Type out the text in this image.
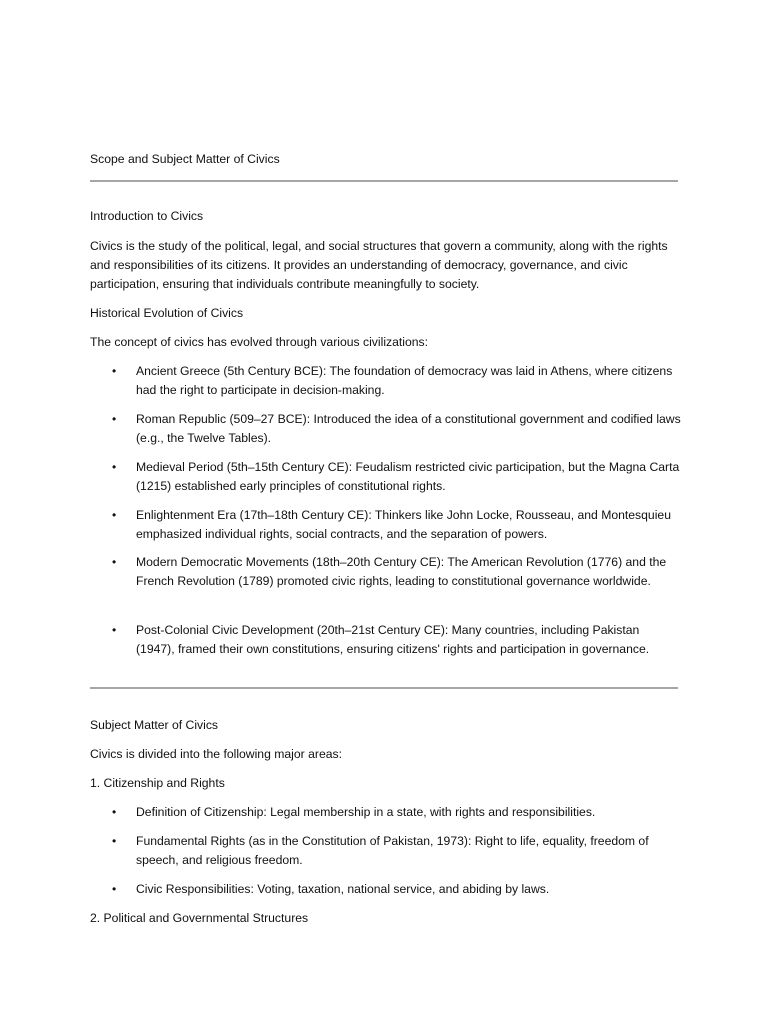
Scope and Subject Matter of Civics

Introduction to Civics

Civics is the study of the political, legal, and social structures that govern a community, along with the rights and responsibilities of its citizens. It provides an understanding of democracy, governance, and civic participation, ensuring that individuals contribute meaningfully to society.

Historical Evolution of Civics

The concept of civics has evolved through various civilizations:

•	Ancient Greece (5th Century BCE): The foundation of democracy was laid in Athens, where citizens had the right to participate in decision-making.
•	Roman Republic (509–27 BCE): Introduced the idea of a constitutional government and codified laws (e.g., the Twelve Tables).
•	Medieval Period (5th–15th Century CE): Feudalism restricted civic participation, but the Magna Carta (1215) established early principles of constitutional rights.
•	Enlightenment Era (17th–18th Century CE): Thinkers like John Locke, Rousseau, and Montesquieu emphasized individual rights, social contracts, and the separation of powers.
•	Modern Democratic Movements (18th–20th Century CE): The American Revolution (1776) and the French Revolution (1789) promoted civic rights, leading to constitutional governance worldwide.
•	Post-Colonial Civic Development (20th–21st Century CE): Many countries, including Pakistan (1947), framed their own constitutions, ensuring citizens' rights and participation in governance.

Subject Matter of Civics

Civics is divided into the following major areas:

1. Citizenship and Rights

•	Definition of Citizenship: Legal membership in a state, with rights and responsibilities.
•	Fundamental Rights (as in the Constitution of Pakistan, 1973): Right to life, equality, freedom of speech, and religious freedom.
•	Civic Responsibilities: Voting, taxation, national service, and abiding by laws.

2. Political and Governmental Structures
